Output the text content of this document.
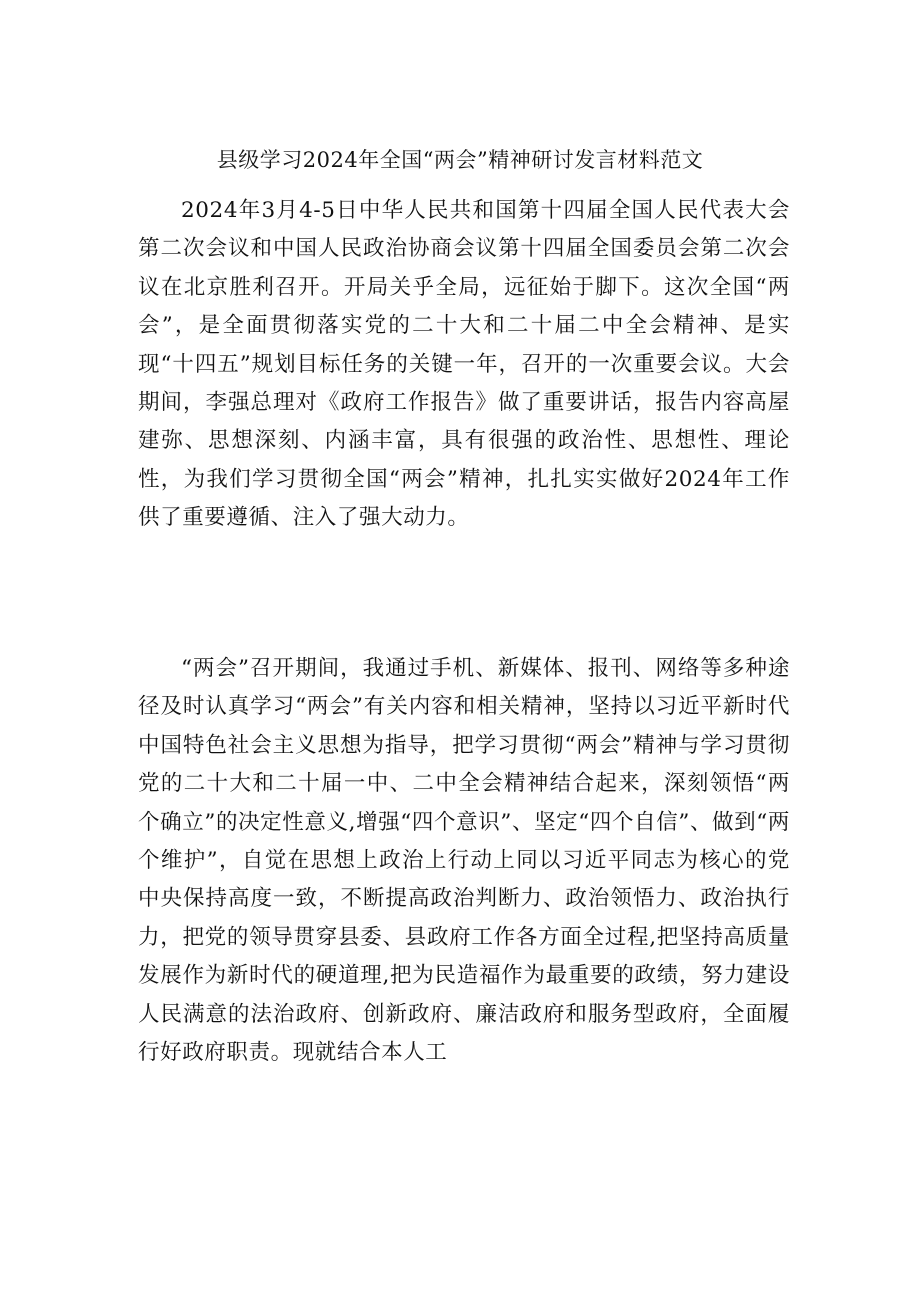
县级学习2024年全国“两会”精神研讨发言材料范文

2024年3月4-5日中华人民共和国第十四届全国人民代表大会第二次会议和中国人民政治协商会议第十四届全国委员会第二次会议在北京胜利召开。开局关乎全局，远征始于脚下。这次全国“两会”，是全面贯彻落实党的二十大和二十届二中全会精神、是实现“十四五”规划目标任务的关键一年，召开的一次重要会议。大会期间，李强总理对《政府工作报告》做了重要讲话，报告内容高屋建弥、思想深刻、内涵丰富，具有很强的政治性、思想性、理论性，为我们学习贯彻全国“两会”精神，扎扎实实做好2024年工作供了重要遵循、注入了强大动力。

“两会”召开期间，我通过手机、新媒体、报刊、网络等多种途径及时认真学习“两会”有关内容和相关精神，坚持以习近平新时代中国特色社会主义思想为指导，把学习贯彻“两会”精神与学习贯彻党的二十大和二十届一中、二中全会精神结合起来，深刻领悟“两个确立”的决定性意义,增强“四个意识”、坚定“四个自信”、做到“两个维护”，自觉在思想上政治上行动上同以习近平同志为核心的党中央保持高度一致，不断提高政治判断力、政治领悟力、政治执行力，把党的领导贯穿县委、县政府工作各方面全过程,把坚持高质量发展作为新时代的硬道理,把为民造福作为最重要的政绩，努力建设人民满意的法治政府、创新政府、廉洁政府和服务型政府，全面履行好政府职责。现就结合本人工
